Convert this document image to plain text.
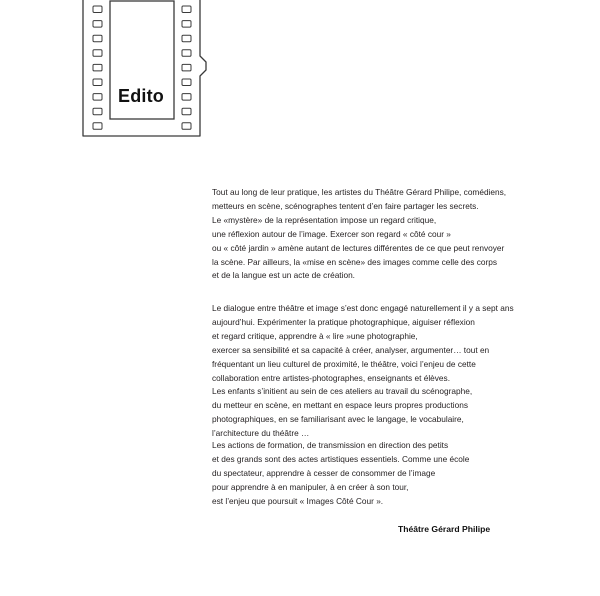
Edito
Tout au long de leur pratique, les artistes du Théâtre Gérard Philipe, comédiens,
metteurs en scène, scénographes tentent d’en faire partager les secrets.
Le «mystère» de la représentation impose un regard critique,
une réflexion autour de l’image. Exercer son regard « côté cour »
ou « côté jardin » amène autant de lectures différentes de ce que peut renvoyer
la scène. Par ailleurs, la «mise en scène» des images comme celle des corps
et de la langue est un acte de création.
Le dialogue entre théâtre et image s’est donc engagé naturellement il y a sept ans
aujourd’hui. Expérimenter la pratique photographique, aiguiser réflexion
et regard critique, apprendre à « lire »une photographie,
exercer sa sensibilité et sa capacité à créer, analyser, argumenter… tout en
fréquentant un lieu culturel de proximité, le théâtre, voici l’enjeu de cette
collaboration entre artistes-photographes, enseignants et élèves.
Les enfants s’initient au sein de ces ateliers au travail du scénographe,
du metteur en scène, en mettant en espace leurs propres productions
photographiques, en se familiarisant avec le langage, le vocabulaire,
l’architecture du théâtre …
Les actions de formation, de transmission en direction des petits
et des grands sont des actes artistiques essentiels. Comme une école
du spectateur, apprendre à cesser de consommer de l’image
pour apprendre à en manipuler, à en créer à son tour,
est l’enjeu que poursuit « Images Côté Cour ».
Théâtre Gérard Philipe
